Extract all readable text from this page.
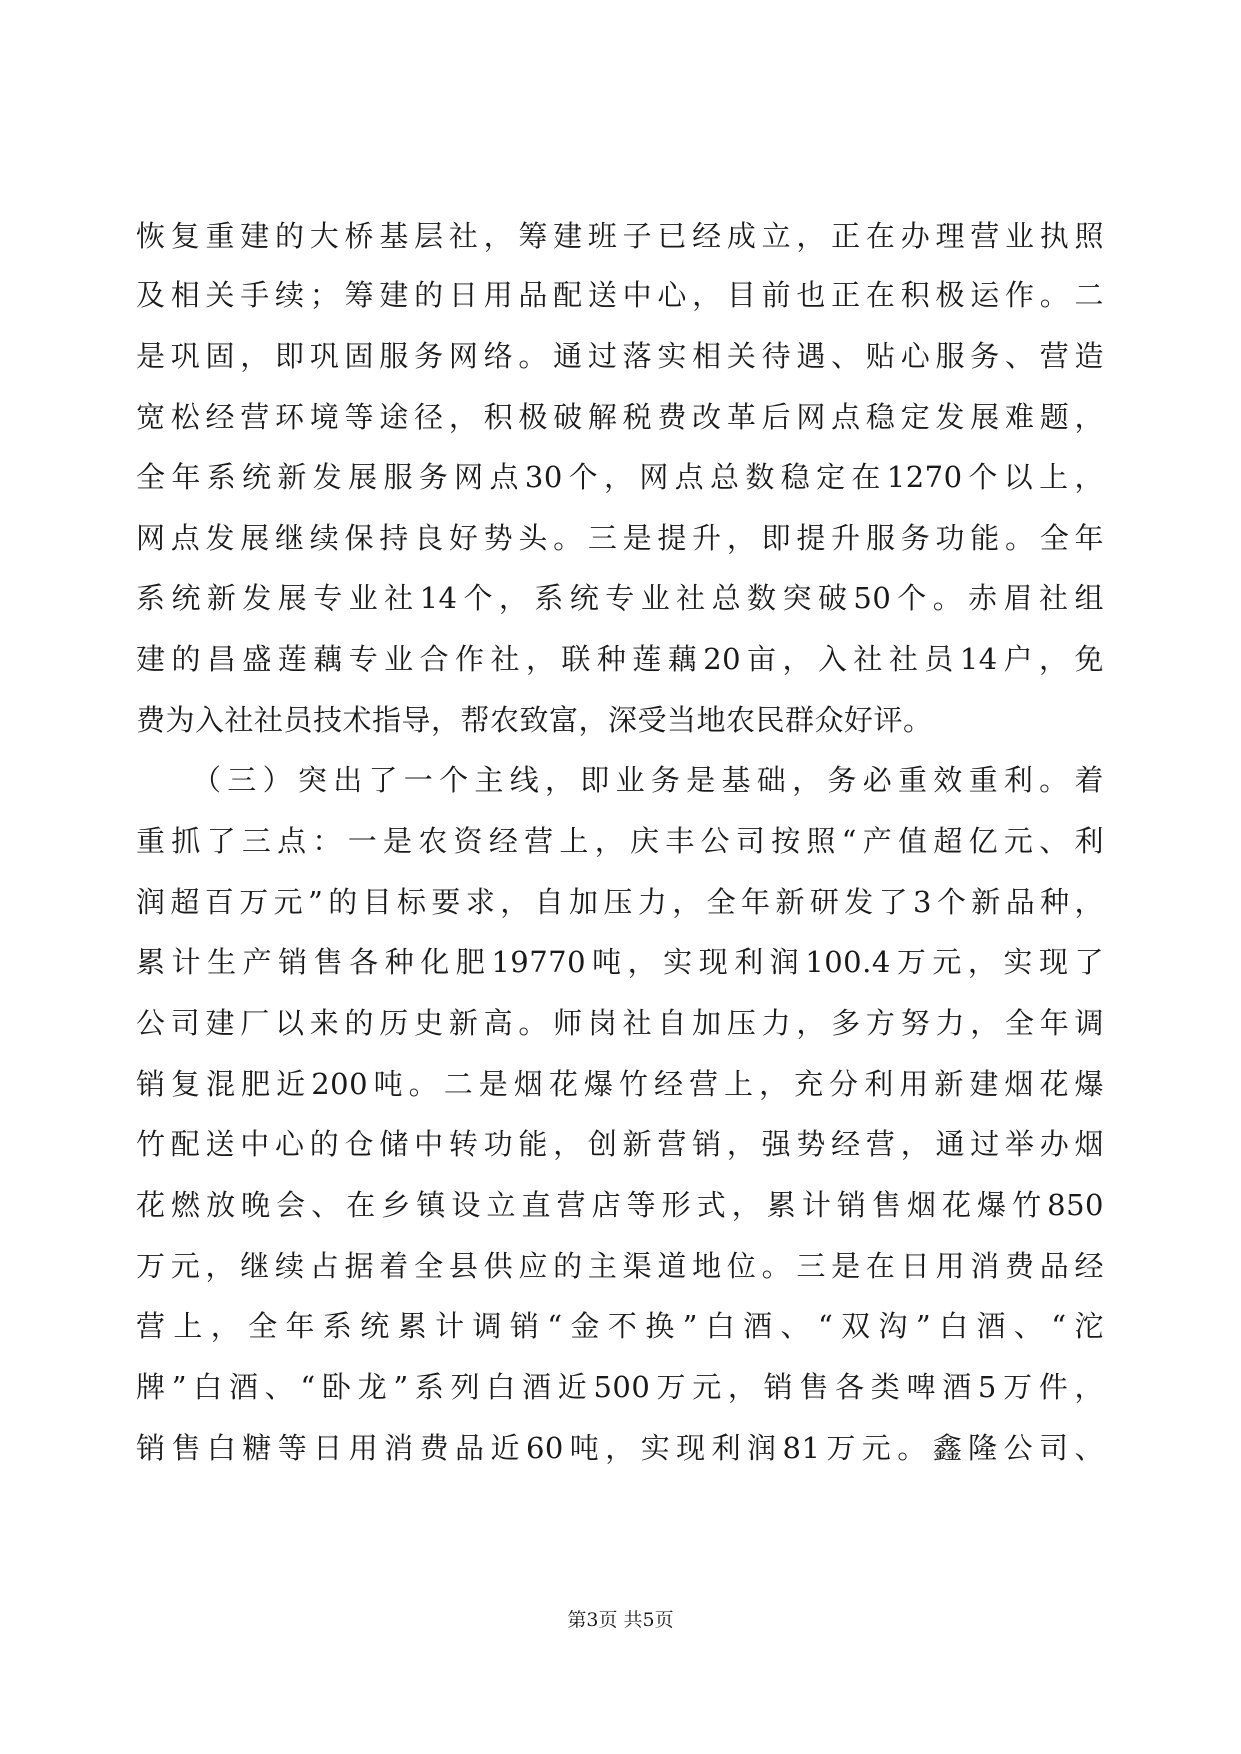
恢复重建的大桥基层社，筹建班子已经成立，正在办理营业执照
及相关手续；筹建的日用品配送中心，目前也正在积极运作。二
是巩固，即巩固服务网络。通过落实相关待遇、贴心服务、营造
宽松经营环境等途径，积极破解税费改革后网点稳定发展难题，
全年系统新发展服务网点30个，网点总数稳定在1270个以上，
网点发展继续保持良好势头。三是提升，即提升服务功能。全年
系统新发展专业社14个，系统专业社总数突破50个。赤眉社组
建的昌盛莲藕专业合作社，联种莲藕20亩，入社社员14户，免
费为入社社员技术指导，帮农致富，深受当地农民群众好评。
（三）突出了一个主线，即业务是基础，务必重效重利。着
重抓了三点：一是农资经营上，庆丰公司按照“产值超亿元、利
润超百万元”的目标要求，自加压力，全年新研发了3个新品种，
累计生产销售各种化肥19770吨，实现利润100.4万元，实现了
公司建厂以来的历史新高。师岗社自加压力，多方努力，全年调
销复混肥近200吨。二是烟花爆竹经营上，充分利用新建烟花爆
竹配送中心的仓储中转功能，创新营销，强势经营，通过举办烟
花燃放晚会、在乡镇设立直营店等形式，累计销售烟花爆竹850
万元，继续占据着全县供应的主渠道地位。三是在日用消费品经
营上，全年系统累计调销“金不换”白酒、“双沟”白酒、“沱
牌”白酒、“卧龙”系列白酒近500万元，销售各类啤酒5万件，
销售白糖等日用消费品近60吨，实现利润81万元。鑫隆公司、
第3页 共5页
